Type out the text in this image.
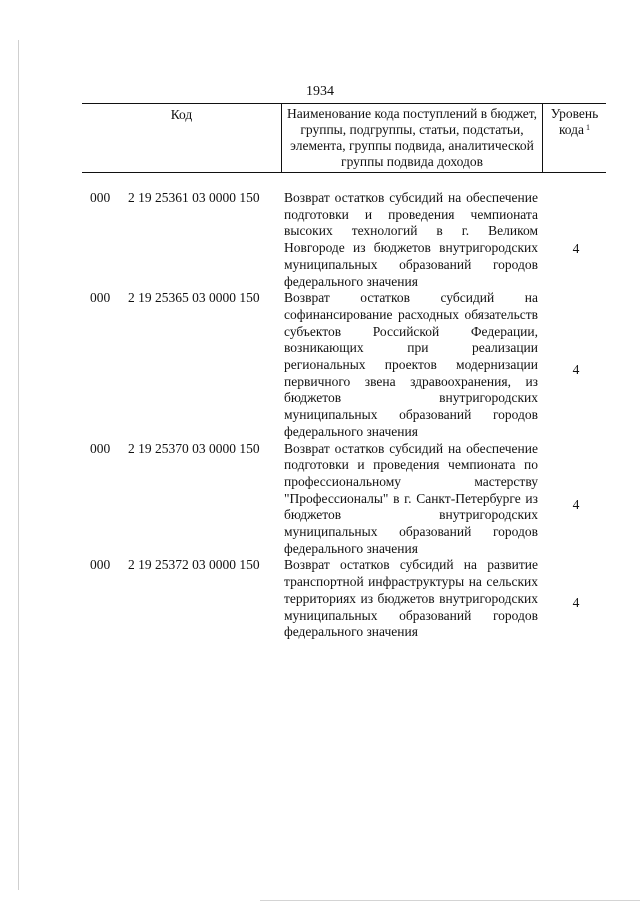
1934
Код	Наименование кода поступлений в бюджет, группы, подгруппы, статьи, подстатьи, элемента, группы подвида, аналитической группы подвида доходов
Уровень кода $^1$
000 2 19 25361 03 0000 150 Возврат остатков субсидий на обеспечение подготовки и проведения чемпионата высоких технологий в г. Великом Новгороде из бюджетов внутригородских муниципальных образований городов федерального значения
4
000 2 19 25365 03 0000 150 Возврат остатков субсидий на софинансирование расходных обязательств субъектов Российской Федерации, возникающих при реализации региональных проектов модернизации первичного звена здравоохранения, из бюджетов внутригородских муниципальных образований городов федерального значения
4
000 2 19 25370 03 0000 150 Возврат остатков субсидий на обеспечение подготовки и проведения чемпионата по профессиональному мастерству "Профессионалы" в г. Санкт-Петербурге из бюджетов внутригородских муниципальных образований городов федерального значения
4
000 2 19 25372 03 0000 150 Возврат остатков субсидий на развитие транспортной инфраструктуры на сельских территориях из бюджетов внутригородских муниципальных образований городов федерального значения
4
